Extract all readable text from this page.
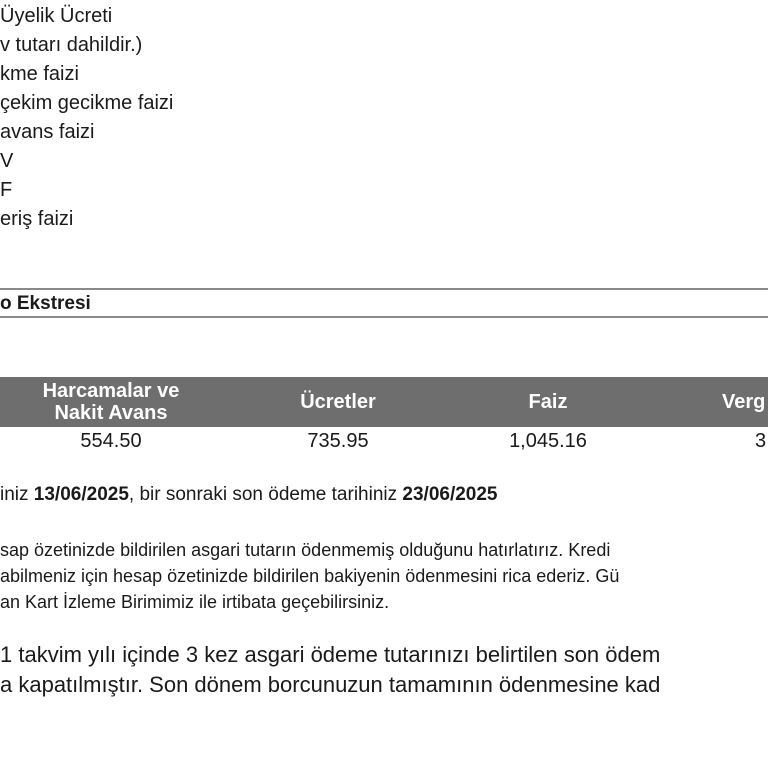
Üyelik Ücreti
v tutarı dahildir.)
kme faizi
çekim gecikme faizi
avans faizi
V
F
eriş faizi
o Ekstresi
Harcamalar ve
Nakit Avans	Ücretler	Faiz	Verg
554.50	735.95	1,045.16	3
iniz 13/06/2025, bir sonraki son ödeme tarihiniz 23/06/2025
sap özetinizde bildirilen asgari tutarın ödenmemiş olduğunu hatırlatırız. Kredi
abilmeniz için hesap özetinizde bildirilen bakiyenin ödenmesini rica ederiz. Gü
an Kart İzleme Birimimiz ile irtibata geçebilirsiniz.
1 takvim yılı içinde 3 kez asgari ödeme tutarınızı belirtilen son ödem
a kapatılmıştır. Son dönem borcunuzun tamamının ödenmesine kad
